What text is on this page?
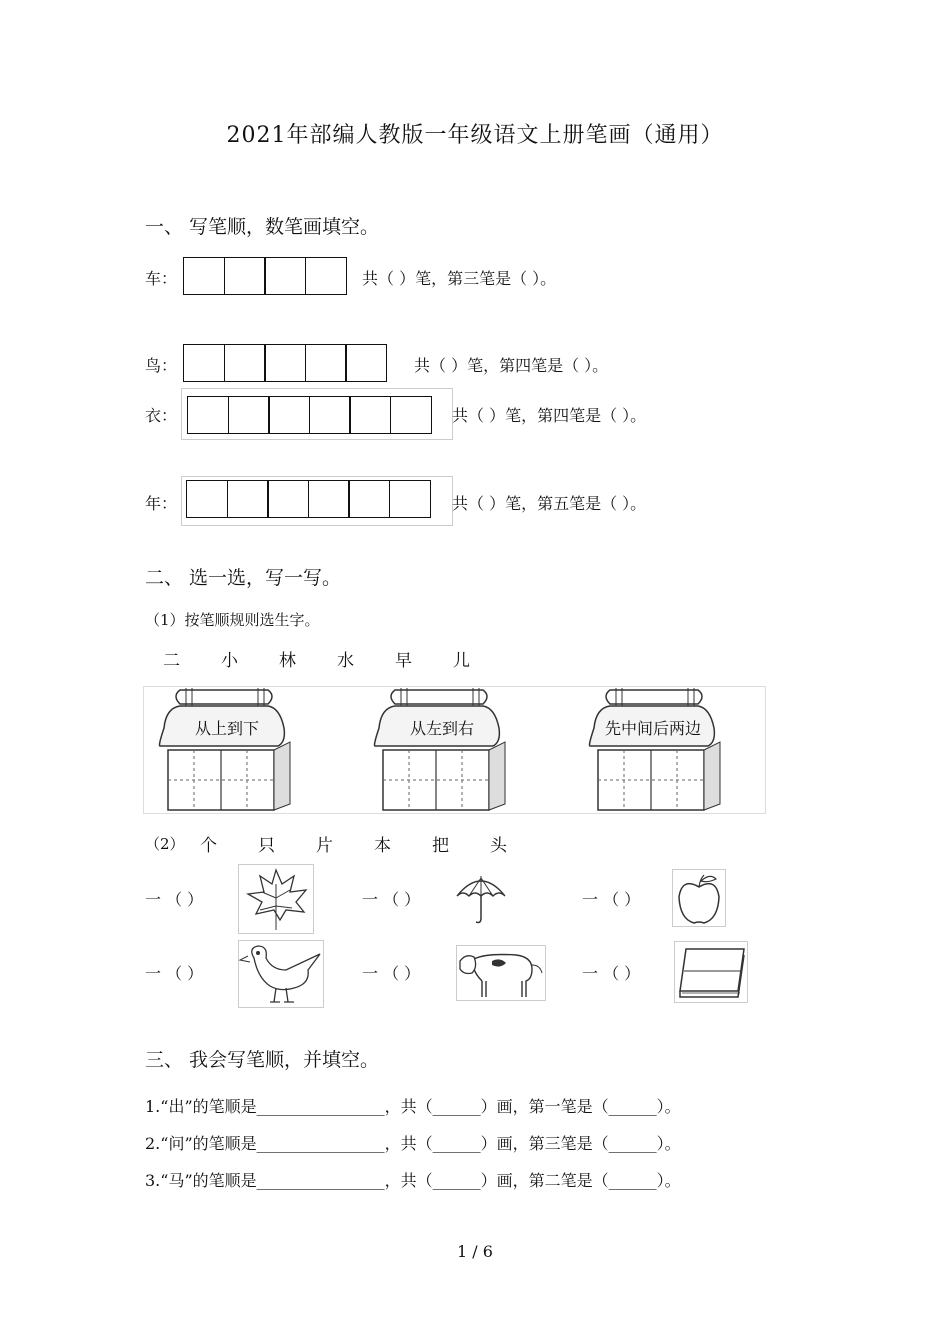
2021年部编人教版一年级语文上册笔画（通用）
一、 写笔顺，数笔画填空。
车：	共（ ）笔，第三笔是（ ）。
鸟：	共（ ）笔，第四笔是（ ）。
衣：	共（ ）笔，第四笔是（ ）。
年：	共（ ）笔，第五笔是（ ）。
二、 选一选，写一写。
（1）按笔顺规则选生字。
二 小 林 水 早 儿
从上到下	从左到右	先中间后两边
（2） 个 只 片 本 把 头
一 （ ）	一 （ ）	一 （ ）
一 （ ）	一 （ ）	一 （ ）
三、 我会写笔顺，并填空。
1.“出”的笔顺是________________，共（______）画，第一笔是（______）。
2.“问”的笔顺是________________，共（______）画，第三笔是（______）。
3.“马”的笔顺是________________，共（______）画，第二笔是（______）。
1 / 6
